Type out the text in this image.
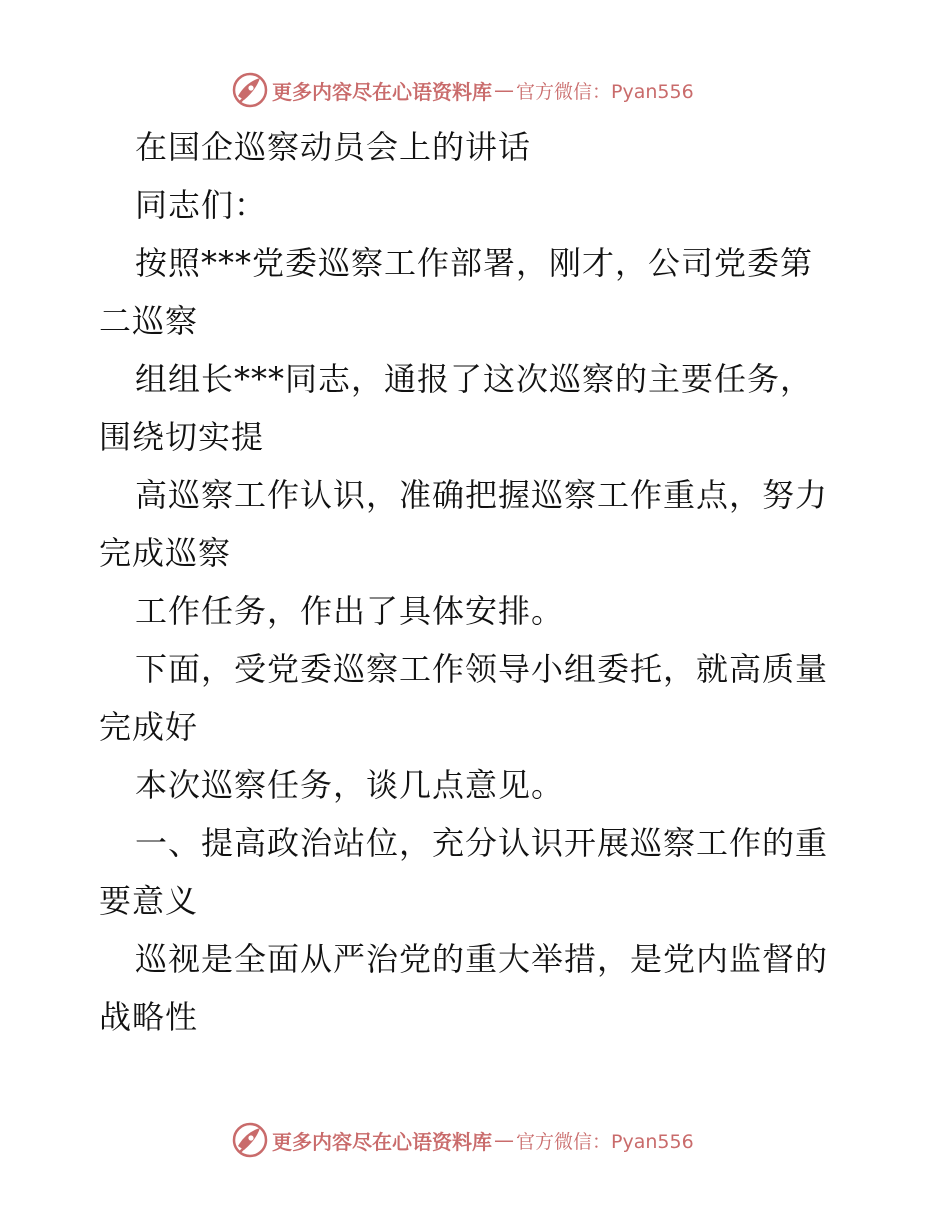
更多内容尽在心语资料库 — 官方微信：Pyan556

在国企巡察动员会上的讲话

同志们：

按照***党委巡察工作部署，刚才，公司党委第

二巡察

组组长***同志，通报了这次巡察的主要任务，

围绕切实提

高巡察工作认识，准确把握巡察工作重点，努力

完成巡察

工作任务，作出了具体安排。

下面，受党委巡察工作领导小组委托，就高质量

完成好

本次巡察任务，谈几点意见。

一、提高政治站位，充分认识开展巡察工作的重

要意义

巡视是全面从严治党的重大举措，是党内监督的

战略性

更多内容尽在心语资料库 — 官方微信：Pyan556
